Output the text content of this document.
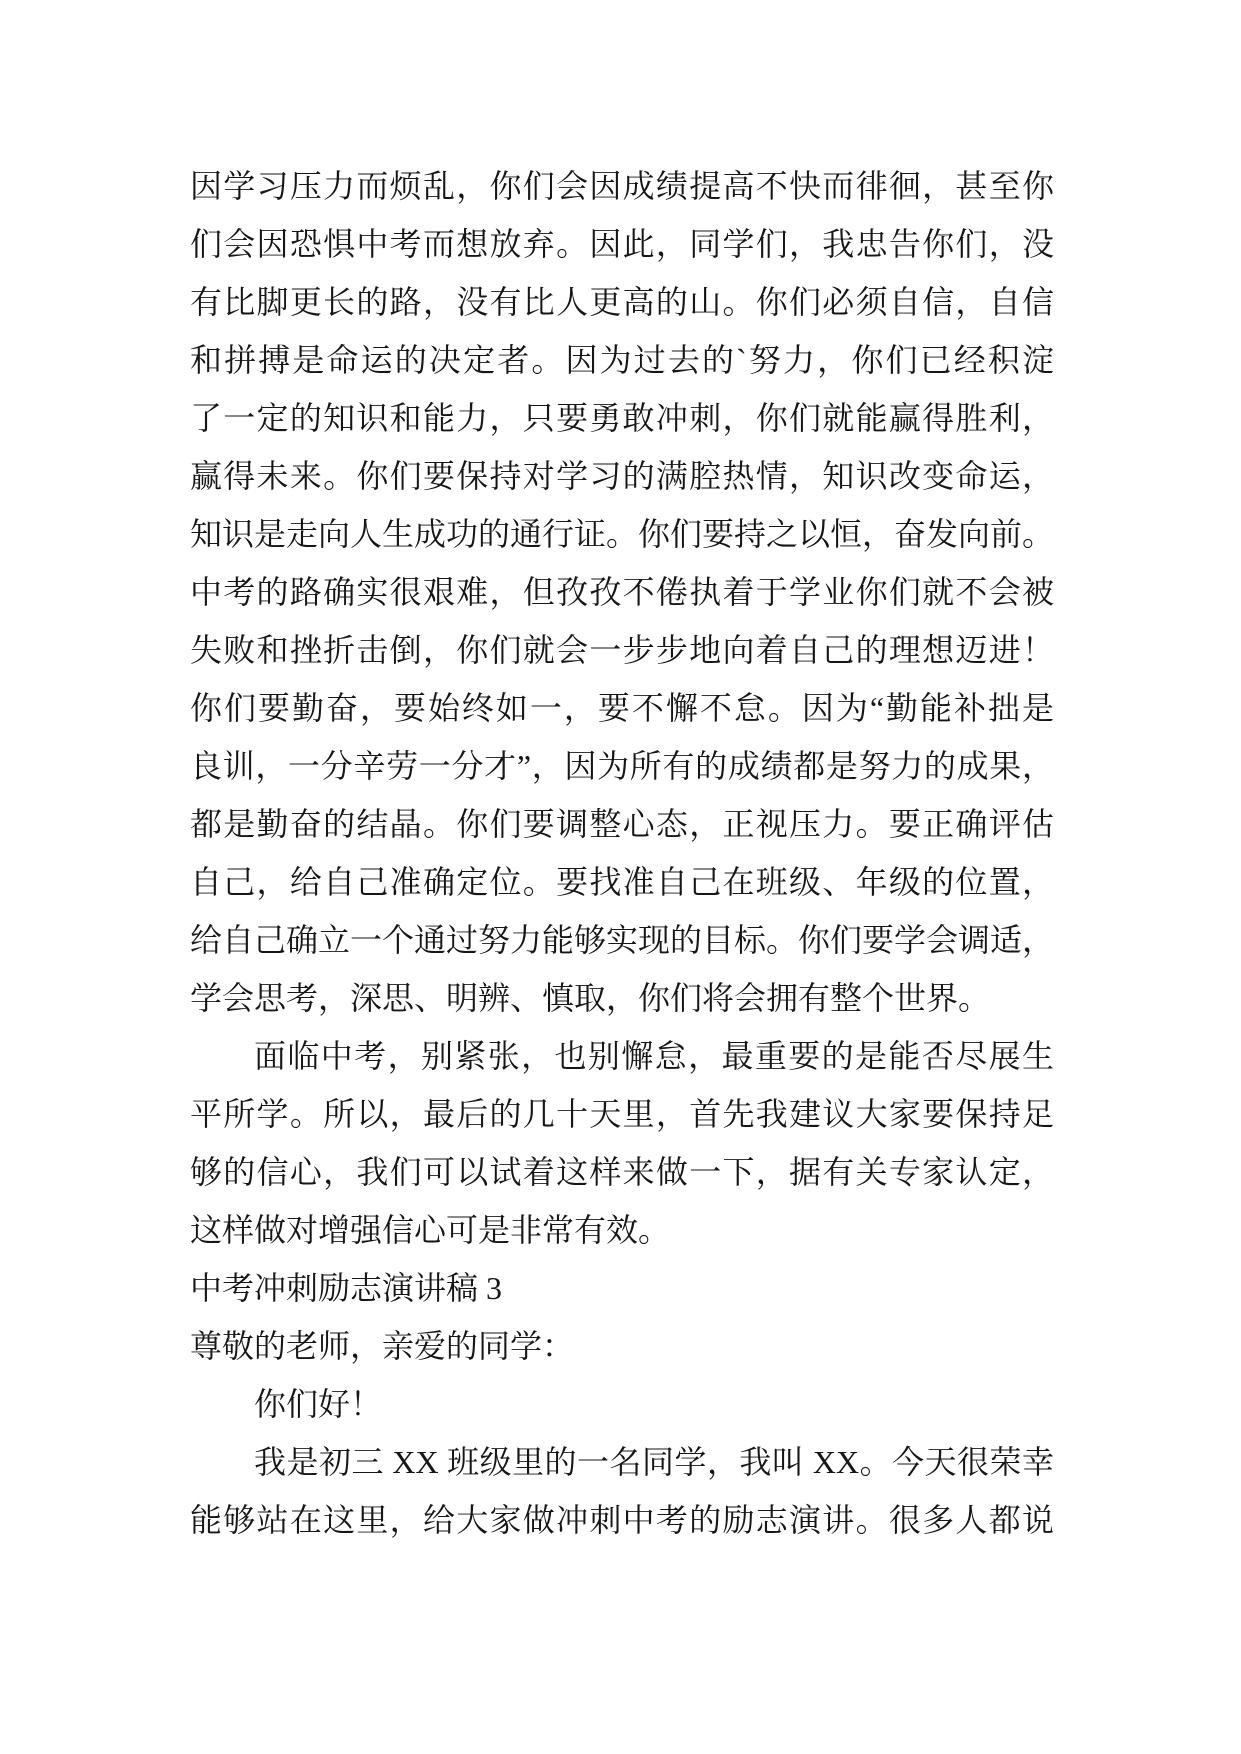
因学习压力而烦乱，你们会因成绩提高不快而徘徊，甚至你
们会因恐惧中考而想放弃。因此，同学们，我忠告你们，没
有比脚更长的路，没有比人更高的山。你们必须自信，自信
和拼搏是命运的决定者。因为过去的`努力，你们已经积淀
了一定的知识和能力，只要勇敢冲刺，你们就能赢得胜利，
赢得未来。你们要保持对学习的满腔热情，知识改变命运，
知识是走向人生成功的通行证。你们要持之以恒，奋发向前。
中考的路确实很艰难，但孜孜不倦执着于学业你们就不会被
失败和挫折击倒，你们就会一步步地向着自己的理想迈进！
你们要勤奋，要始终如一，要不懈不怠。因为“勤能补拙是
良训，一分辛劳一分才”，因为所有的成绩都是努力的成果，
都是勤奋的结晶。你们要调整心态，正视压力。要正确评估
自己，给自己准确定位。要找准自己在班级、年级的位置，
给自己确立一个通过努力能够实现的目标。你们要学会调适，
学会思考，深思、明辨、慎取，你们将会拥有整个世界。
面临中考，别紧张，也别懈怠，最重要的是能否尽展生
平所学。所以，最后的几十天里，首先我建议大家要保持足
够的信心，我们可以试着这样来做一下，据有关专家认定，
这样做对增强信心可是非常有效。
中考冲刺励志演讲稿 3
尊敬的老师，亲爱的同学：
你们好！
我是初三 XX 班级里的一名同学，我叫 XX。今天很荣幸
能够站在这里，给大家做冲刺中考的励志演讲。很多人都说
